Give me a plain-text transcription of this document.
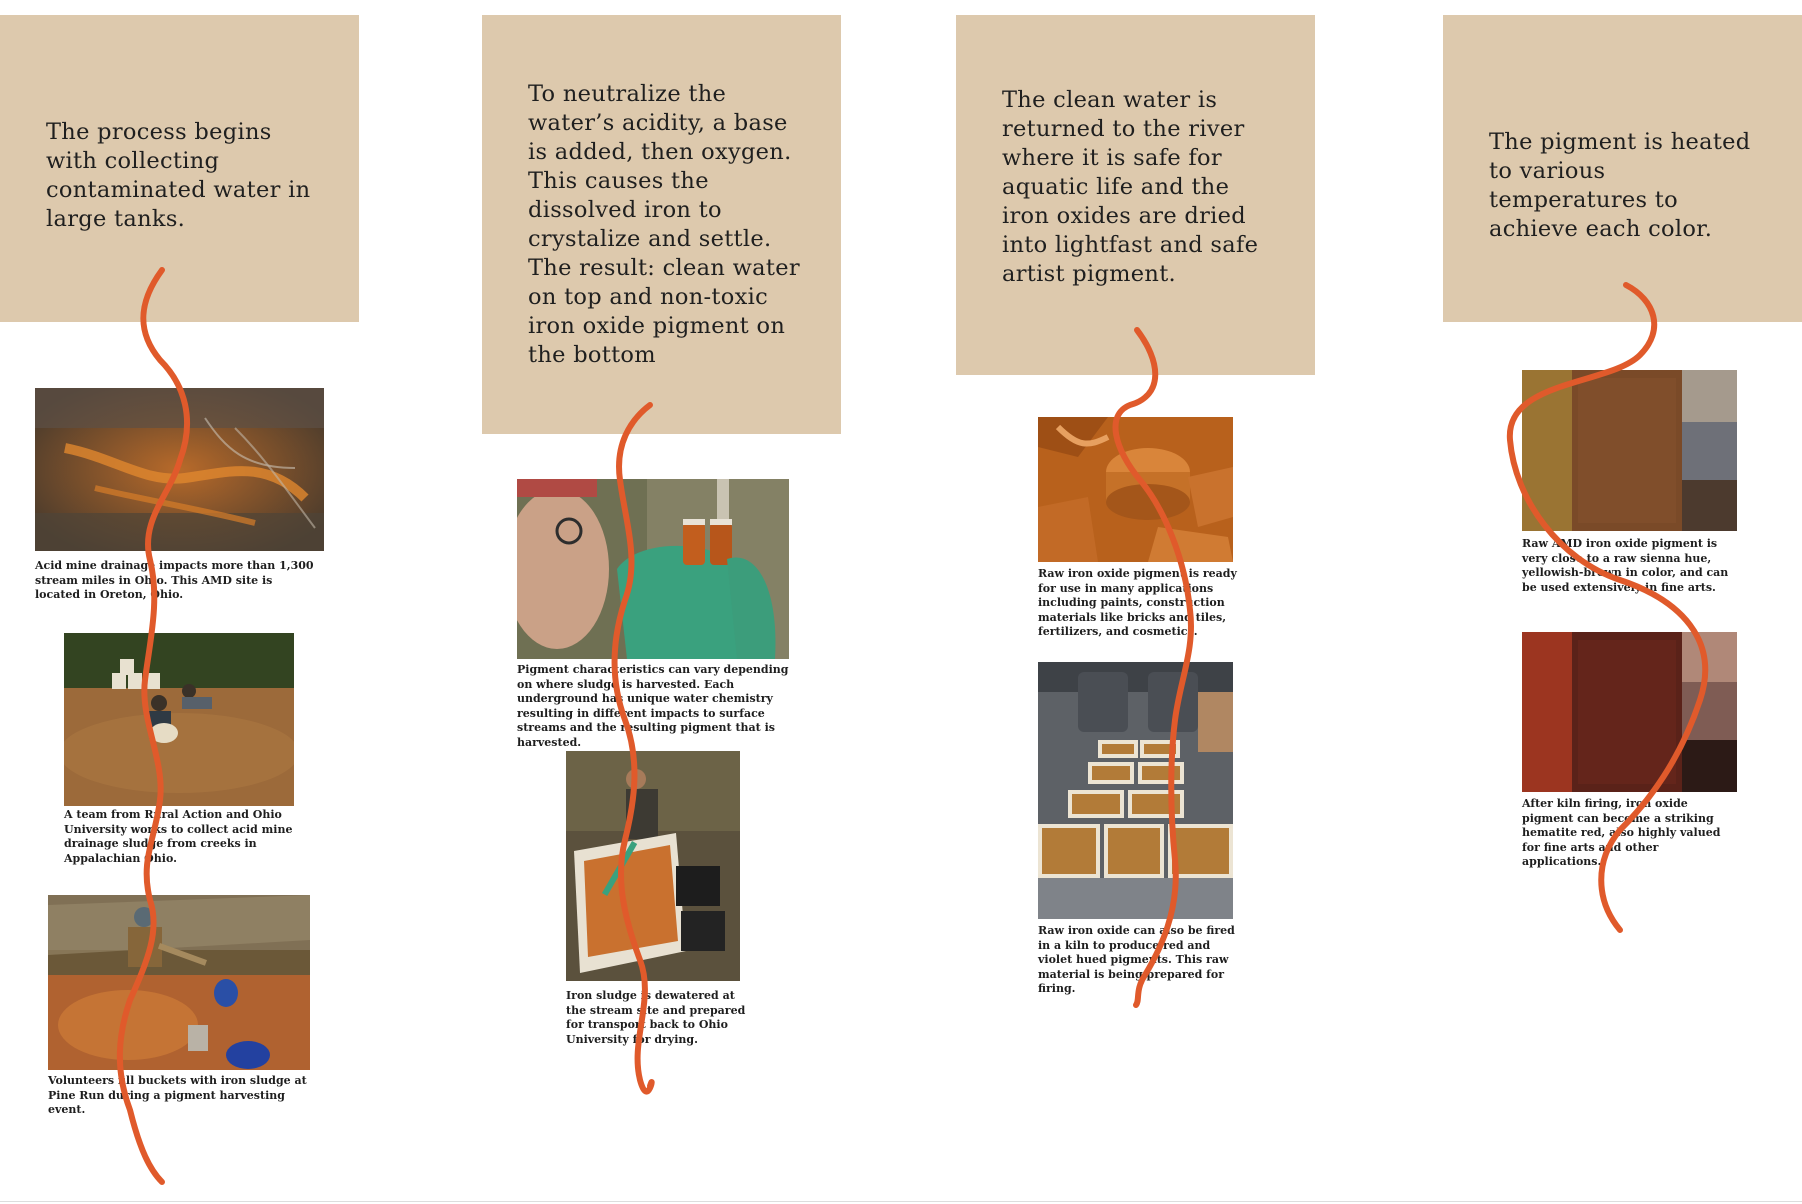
The process begins with collecting contaminated water in large tanks.
Acid mine drainage impacts more than 1,300 stream miles in Ohio. This AMD site is located in Oreton, Ohio.
A team from Rural Action and Ohio University works to collect acid mine drainage sludge from creeks in Appalachian Ohio.
Volunteers fill buckets with iron sludge at Pine Run during a pigment harvesting event.
To neutralize the water’s acidity, a base is added, then oxygen. This causes the dissolved iron to crystalize and settle. The result: clean water on top and non-toxic iron oxide pigment on the bottom
Pigment characteristics can vary depending on where sludge is harvested. Each underground has unique water chemistry resulting in different impacts to surface streams and the resulting pigment that is harvested.
Iron sludge is dewatered at the stream site and prepared for transport back to Ohio University for drying.
The clean water is returned to the river where it is safe for aquatic life and the iron oxides are dried into lightfast and safe artist pigment.
Raw iron oxide pigment is ready for use in many applications including paints, construction materials like bricks and tiles, fertilizers, and cosmetics.
Raw iron oxide can also be fired in a kiln to produce red and violet hued pigments. This raw material is being prepared for firing.
The pigment is heated to various temperatures to achieve each color.
Raw AMD iron oxide pigment is very close to a raw sienna hue, yellowish-brown in color, and can be used extensively in fine arts.
After kiln firing, iron oxide pigment can become a striking hematite red, also highly valued for fine arts and other applications.
